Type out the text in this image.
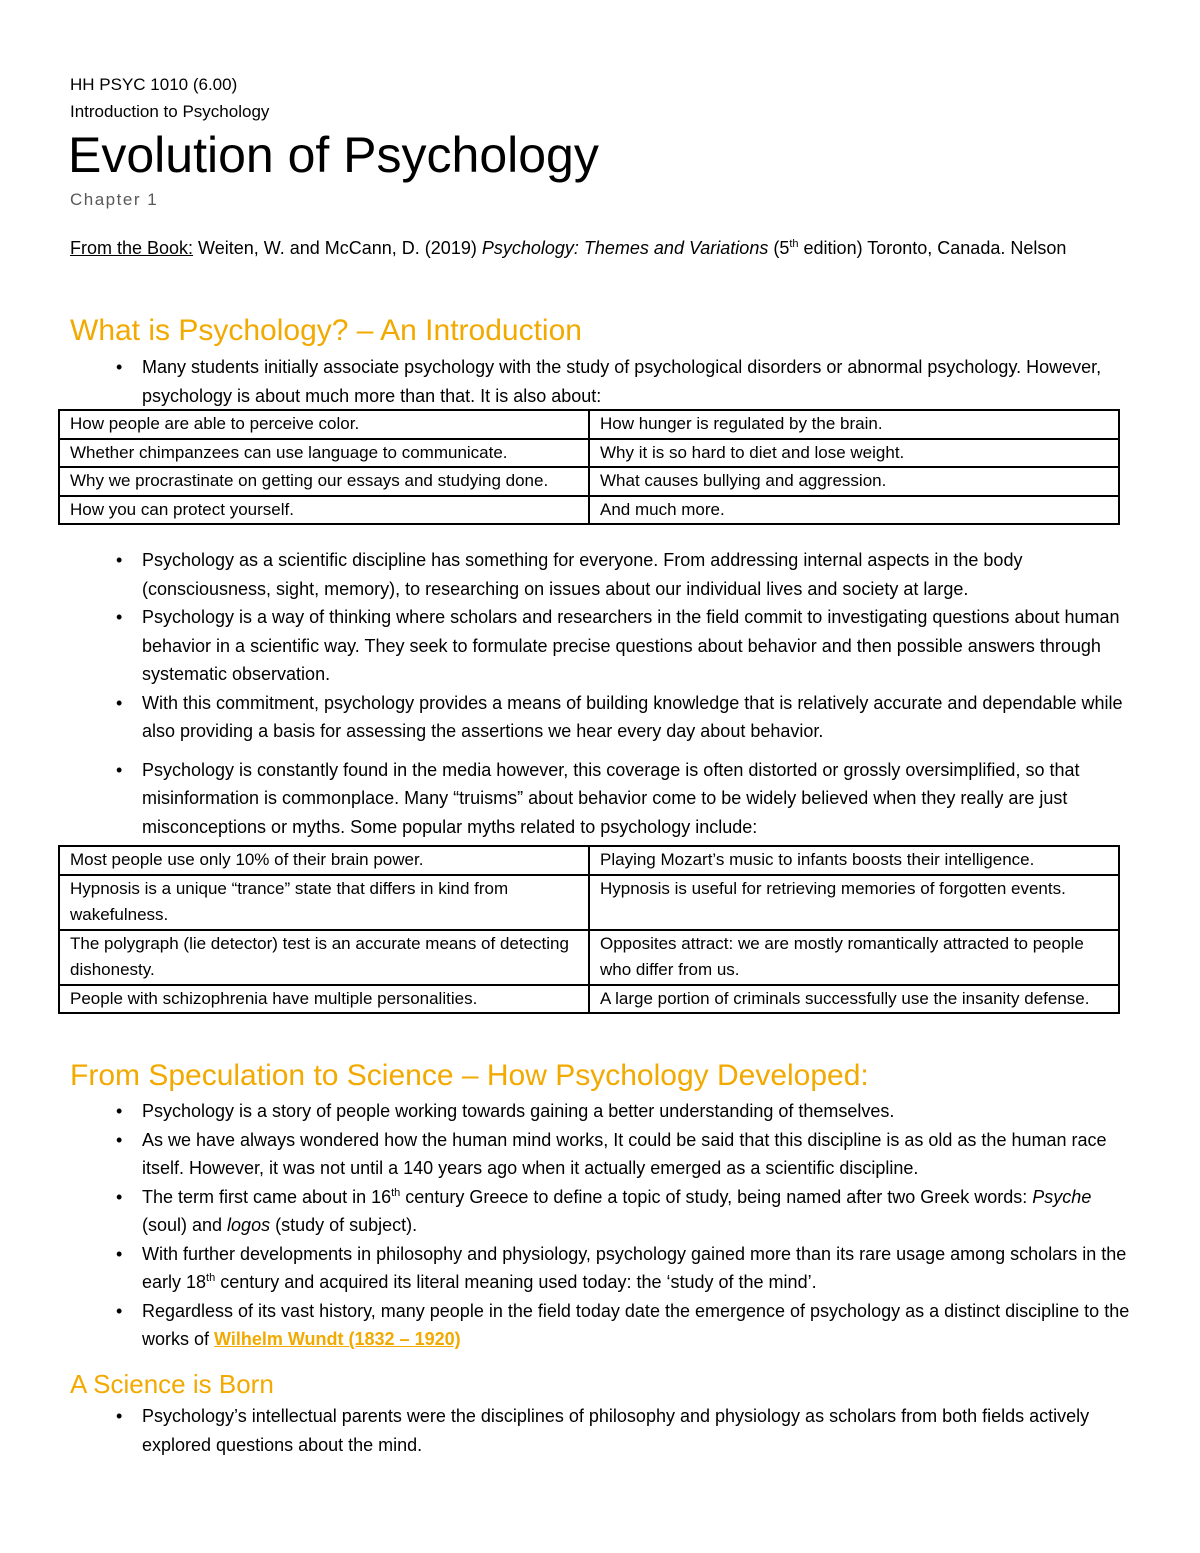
HH PSYC 1010 (6.00)
Introduction to Psychology
Evolution of Psychology
Chapter 1

From the Book: Weiten, W. and McCann, D. (2019) Psychology: Themes and Variations (5th edition) Toronto, Canada. Nelson

What is Psychology? – An Introduction
• Many students initially associate psychology with the study of psychological disorders or abnormal psychology. However, psychology is about much more than that. It is also about:
How people are able to perceive color.	How hunger is regulated by the brain.
Whether chimpanzees can use language to communicate.	Why it is so hard to diet and lose weight.
Why we procrastinate on getting our essays and studying done.	What causes bullying and aggression.
How you can protect yourself.	And much more.
• Psychology as a scientific discipline has something for everyone. From addressing internal aspects in the body (consciousness, sight, memory), to researching on issues about our individual lives and society at large.
• Psychology is a way of thinking where scholars and researchers in the field commit to investigating questions about human behavior in a scientific way. They seek to formulate precise questions about behavior and then possible answers through systematic observation.
• With this commitment, psychology provides a means of building knowledge that is relatively accurate and dependable while also providing a basis for assessing the assertions we hear every day about behavior.
• Psychology is constantly found in the media however, this coverage is often distorted or grossly oversimplified, so that misinformation is commonplace. Many “truisms” about behavior come to be widely believed when they really are just misconceptions or myths. Some popular myths related to psychology include:
Most people use only 10% of their brain power.	Playing Mozart’s music to infants boosts their intelligence.
Hypnosis is a unique “trance” state that differs in kind from wakefulness.	Hypnosis is useful for retrieving memories of forgotten events.
The polygraph (lie detector) test is an accurate means of detecting dishonesty.	Opposites attract: we are mostly romantically attracted to people who differ from us.
People with schizophrenia have multiple personalities.	A large portion of criminals successfully use the insanity defense.
From Speculation to Science – How Psychology Developed:
• Psychology is a story of people working towards gaining a better understanding of themselves.
• As we have always wondered how the human mind works, It could be said that this discipline is as old as the human race itself. However, it was not until a 140 years ago when it actually emerged as a scientific discipline.
• The term first came about in 16th century Greece to define a topic of study, being named after two Greek words: Psyche (soul) and logos (study of subject).
• With further developments in philosophy and physiology, psychology gained more than its rare usage among scholars in the early 18th century and acquired its literal meaning used today: the ‘study of the mind’.
• Regardless of its vast history, many people in the field today date the emergence of psychology as a distinct discipline to the works of Wilhelm Wundt (1832 – 1920)
A Science is Born
• Psychology’s intellectual parents were the disciplines of philosophy and physiology as scholars from both fields actively explored questions about the mind.
